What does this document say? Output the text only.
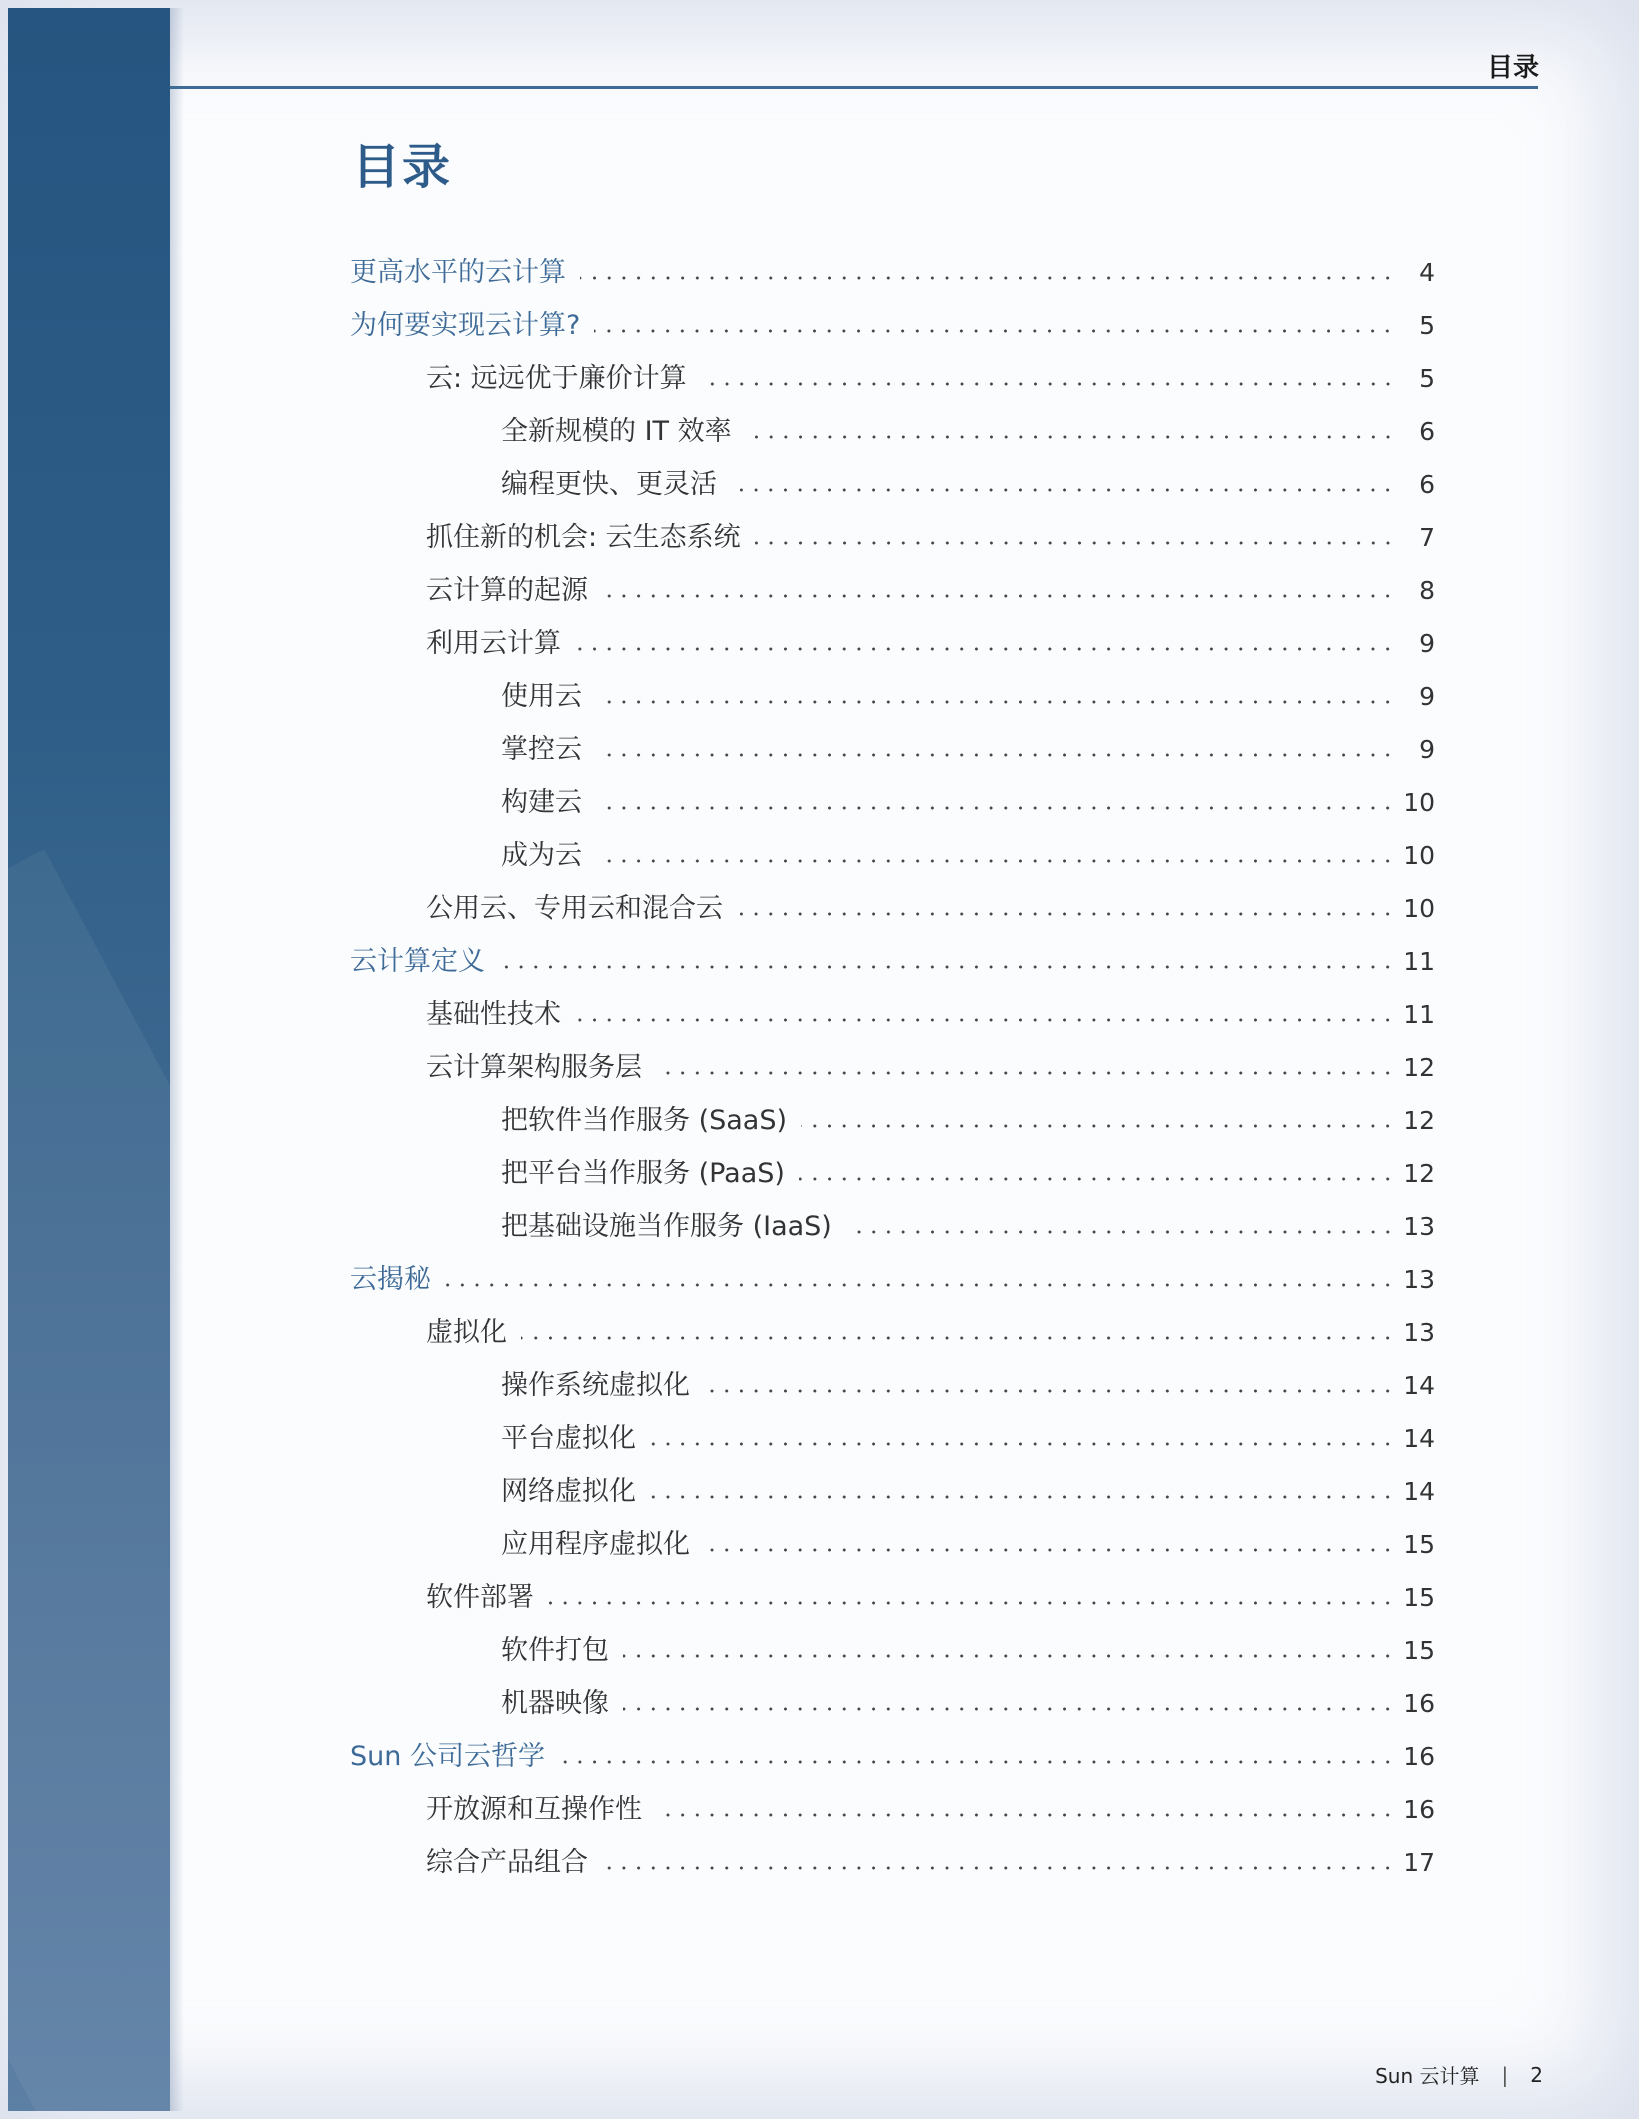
目录
目录
更高水平的云计算	4
为何要实现云计算?	5
云: 远远优于廉价计算	5
全新规模的 IT 效率	6
编程更快、更灵活	6
抓住新的机会: 云生态系统	7
云计算的起源	8
利用云计算	9
使用云	9
掌控云	9
构建云	10
成为云	10
公用云、专用云和混合云	10
云计算定义	11
基础性技术	11
云计算架构服务层	12
把软件当作服务 (SaaS)	12
把平台当作服务 (PaaS)	12
把基础设施当作服务 (IaaS)	13
云揭秘	13
虚拟化	13
操作系统虚拟化	14
平台虚拟化	14
网络虚拟化	14
应用程序虚拟化	15
软件部署	15
软件打包	15
机器映像	16
Sun 公司云哲学	16
开放源和互操作性	16
综合产品组合	17
Sun 云计算 | 2
